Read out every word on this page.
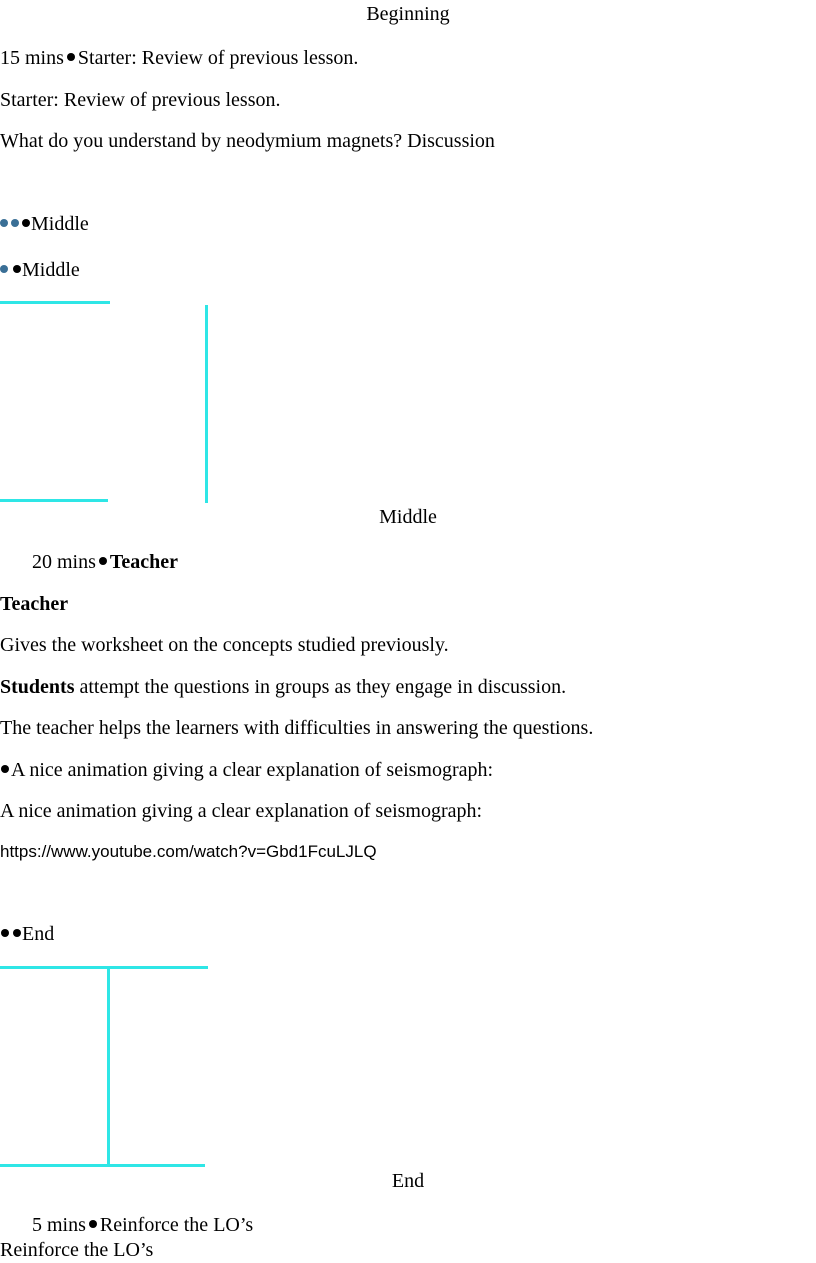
Beginning
15 mins Starter: Review of previous lesson.
Starter: Review of previous lesson.
What do you understand by neodymium magnets? Discussion
Middle
Middle
Middle
20 mins Teacher
Teacher
Gives the worksheet on the concepts studied previously.
Students attempt the questions in groups as they engage in discussion.
The teacher helps the learners with difficulties in answering the questions.
A nice animation giving a clear explanation of seismograph:
A nice animation giving a clear explanation of seismograph:
https://www.youtube.com/watch?v=Gbd1FcuLJLQ
End
End
5 mins Reinforce the LO’s
Reinforce the LO’s
